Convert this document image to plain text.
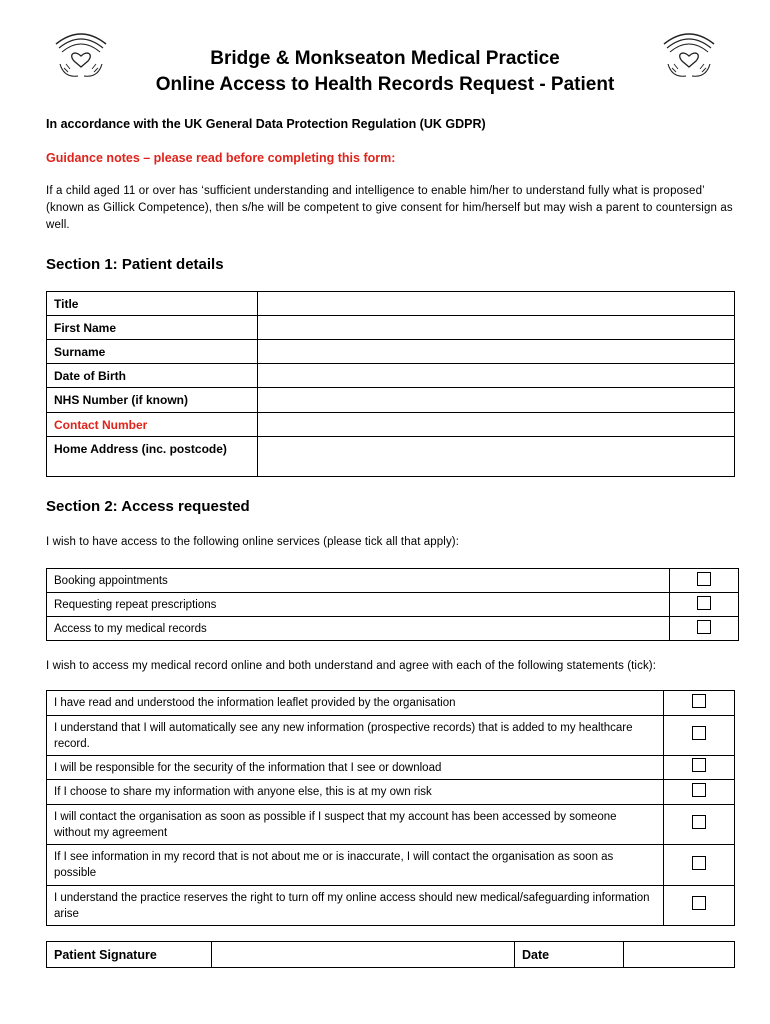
Bridge & Monkseaton Medical Practice
Online Access to Health Records Request - Patient
In accordance with the UK General Data Protection Regulation (UK GDPR)
Guidance notes – please read before completing this form:
If a child aged 11 or over has ‘sufficient understanding and intelligence to enable him/her to understand fully what is proposed’ (known as Gillick Competence), then s/he will be competent to give consent for him/herself but may wish a parent to countersign as well.
Section 1: Patient details
Title	
First Name	
Surname	
Date of Birth	
NHS Number (if known)	
Contact Number	
Home Address (inc. postcode)	
Section 2: Access requested
I wish to have access to the following online services (please tick all that apply):
Booking appointments	
Requesting repeat prescriptions	
Access to my medical records	
I wish to access my medical record online and both understand and agree with each of the following statements (tick):
I have read and understood the information leaflet provided by the organisation	
I understand that I will automatically see any new information (prospective records) that is added to my healthcare record.	
I will be responsible for the security of the information that I see or download	
If I choose to share my information with anyone else, this is at my own risk	
I will contact the organisation as soon as possible if I suspect that my account has been accessed by someone without my agreement	
If I see information in my record that is not about me or is inaccurate, I will contact the organisation as soon as possible	
I understand the practice reserves the right to turn off my online access should new medical/safeguarding information arise	
Patient Signature		Date	
